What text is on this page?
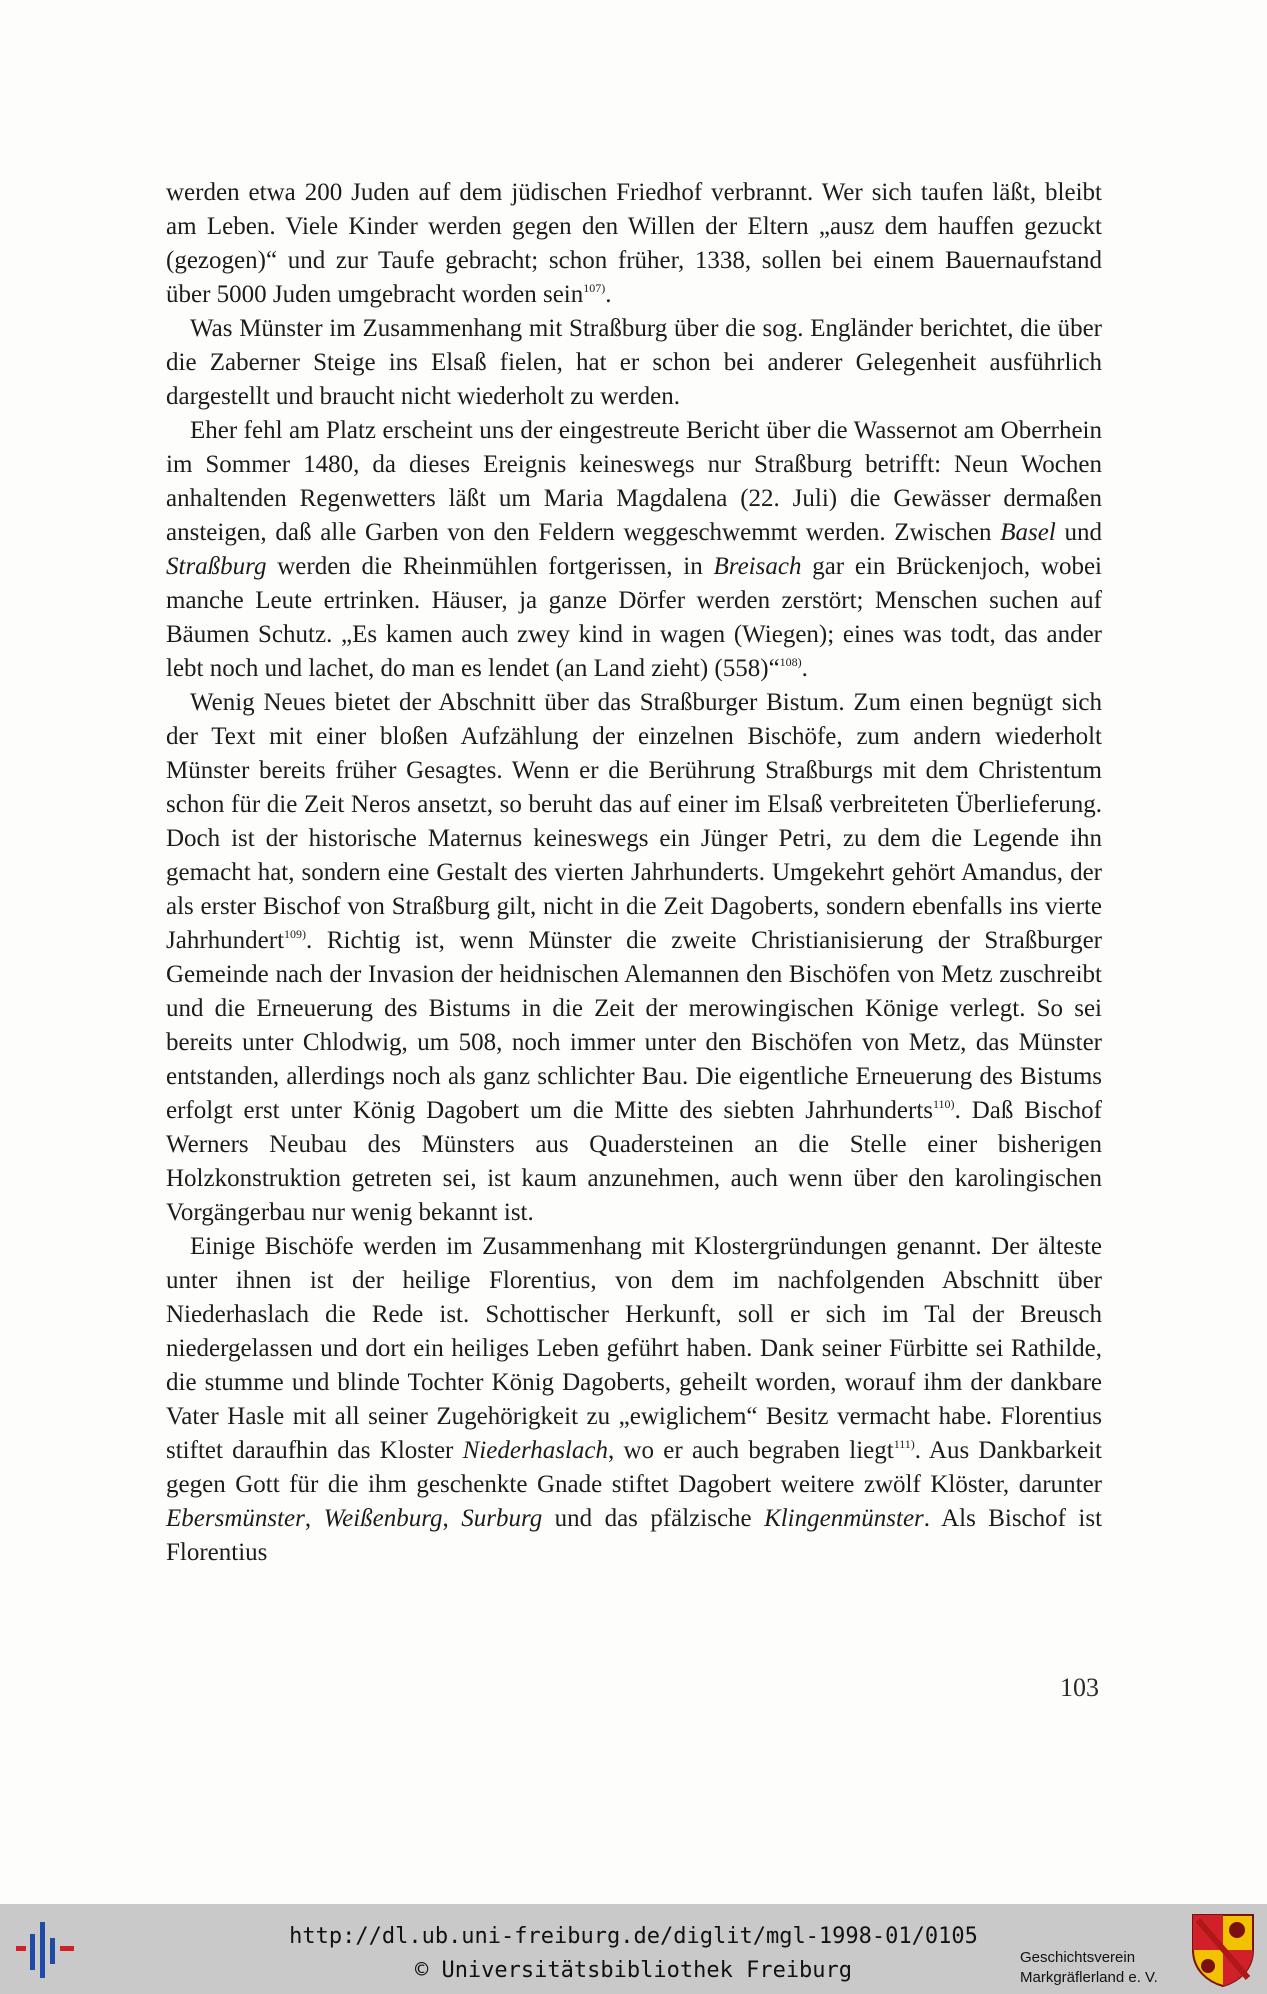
werden etwa 200 Juden auf dem jüdischen Friedhof verbrannt. Wer sich taufen läßt, bleibt am Leben. Viele Kinder werden gegen den Willen der Eltern „ausz dem hauffen gezuckt (gezogen)“ und zur Taufe gebracht; schon früher, 1338, sollen bei einem Bauernaufstand über 5000 Juden umgebracht worden sein$^{107)}$.

Was Münster im Zusammenhang mit Straßburg über die sog. Engländer berichtet, die über die Zaberner Steige ins Elsaß fielen, hat er schon bei anderer Gelegenheit ausführlich dargestellt und braucht nicht wiederholt zu werden.

Eher fehl am Platz erscheint uns der eingestreute Bericht über die Wassernot am Oberrhein im Sommer 1480, da dieses Ereignis keineswegs nur Straßburg betrifft: Neun Wochen anhaltenden Regenwetters läßt um Maria Magdalena (22. Juli) die Gewässer dermaßen ansteigen, daß alle Garben von den Feldern weggeschwemmt werden. Zwischen Basel und Straßburg werden die Rheinmühlen fortgerissen, in Breisach gar ein Brückenjoch, wobei manche Leute ertrinken. Häuser, ja ganze Dörfer werden zerstört; Menschen suchen auf Bäumen Schutz. „Es kamen auch zwey kind in wagen (Wiegen); eines was todt, das ander lebt noch und lachet, do man es lendet (an Land zieht) (558)“$^{108)}$.

Wenig Neues bietet der Abschnitt über das Straßburger Bistum. Zum einen begnügt sich der Text mit einer bloßen Aufzählung der einzelnen Bischöfe, zum andern wiederholt Münster bereits früher Gesagtes. Wenn er die Berührung Straßburgs mit dem Christentum schon für die Zeit Neros ansetzt, so beruht das auf einer im Elsaß verbreiteten Überlieferung. Doch ist der historische Maternus keineswegs ein Jünger Petri, zu dem die Legende ihn gemacht hat, sondern eine Gestalt des vierten Jahrhunderts. Umgekehrt gehört Amandus, der als erster Bischof von Straßburg gilt, nicht in die Zeit Dagoberts, sondern ebenfalls ins vierte Jahrhundert$^{109)}$. Richtig ist, wenn Münster die zweite Christianisierung der Straßburger Gemeinde nach der Invasion der heidnischen Alemannen den Bischöfen von Metz zuschreibt und die Erneuerung des Bistums in die Zeit der merowingischen Könige verlegt. So sei bereits unter Chlodwig, um 508, noch immer unter den Bischöfen von Metz, das Münster entstanden, allerdings noch als ganz schlichter Bau. Die eigentliche Erneuerung des Bistums erfolgt erst unter König Dagobert um die Mitte des siebten Jahrhunderts$^{110)}$. Daß Bischof Werners Neubau des Münsters aus Quadersteinen an die Stelle einer bisherigen Holzkonstruktion getreten sei, ist kaum anzunehmen, auch wenn über den karolingischen Vorgängerbau nur wenig bekannt ist.

Einige Bischöfe werden im Zusammenhang mit Klostergründungen genannt. Der älteste unter ihnen ist der heilige Florentius, von dem im nachfolgenden Abschnitt über Niederhaslach die Rede ist. Schottischer Herkunft, soll er sich im Tal der Breusch niedergelassen und dort ein heiliges Leben geführt haben. Dank seiner Fürbitte sei Rathilde, die stumme und blinde Tochter König Dagoberts, geheilt worden, worauf ihm der dankbare Vater Hasle mit all seiner Zugehörigkeit zu „ewiglichem“ Besitz vermacht habe. Florentius stiftet daraufhin das Kloster Niederhaslach, wo er auch begraben liegt$^{111)}$. Aus Dankbarkeit gegen Gott für die ihm geschenkte Gnade stiftet Dagobert weitere zwölf Klöster, darunter Ebersmünster, Weißenburg, Surburg und das pfälzische Klingenmünster. Als Bischof ist Florentius

103
http://dl.ub.uni-freiburg.de/diglit/mgl-1998-01/0105
© Universitätsbibliothek Freiburg
Geschichtsverein
Markgräflerland e. V.
